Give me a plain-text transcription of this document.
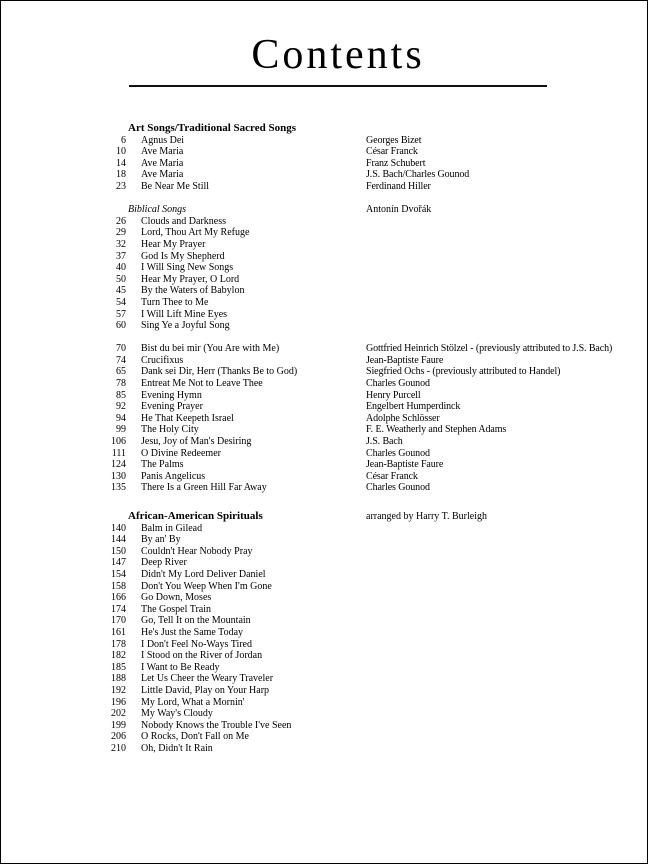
Contents
Art Songs/Traditional Sacred Songs
6 Agnus Dei	Georges Bizet
10 Ave Maria	César Franck
14 Ave Maria	Franz Schubert
18 Ave Maria	J.S. Bach/Charles Gounod
23 Be Near Me Still	Ferdinand Hiller
Biblical Songs	Antonín Dvořák
26 Clouds and Darkness
29 Lord, Thou Art My Refuge
32 Hear My Prayer
37 God Is My Shepherd
40 I Will Sing New Songs
50 Hear My Prayer, O Lord
45 By the Waters of Babylon
54 Turn Thee to Me
57 I Will Lift Mine Eyes
60 Sing Ye a Joyful Song
70 Bist du bei mir (You Are with Me)	Gottfried Heinrich Stölzel - (previously attributed to J.S. Bach)
74 Crucifixus	Jean-Baptiste Faure
65 Dank sei Dir, Herr (Thanks Be to God)	Siegfried Ochs - (previously attributed to Handel)
78 Entreat Me Not to Leave Thee	Charles Gounod
85 Evening Hymn	Henry Purcell
92 Evening Prayer	Engelbert Humperdinck
94 He That Keepeth Israel	Adolphe Schlösser
99 The Holy City	F. E. Weatherly and Stephen Adams
106 Jesu, Joy of Man's Desiring	J.S. Bach
111 O Divine Redeemer	Charles Gounod
124 The Palms	Jean-Baptiste Faure
130 Panis Angelicus	César Franck
135 There Is a Green Hill Far Away	Charles Gounod
African-American Spirituals	arranged by Harry T. Burleigh
140 Balm in Gilead
144 By an' By
150 Couldn't Hear Nobody Pray
147 Deep River
154 Didn't My Lord Deliver Daniel
158 Don't You Weep When I'm Gone
166 Go Down, Moses
174 The Gospel Train
170 Go, Tell It on the Mountain
161 He's Just the Same Today
178 I Don't Feel No-Ways Tired
182 I Stood on the River of Jordan
185 I Want to Be Ready
188 Let Us Cheer the Weary Traveler
192 Little David, Play on Your Harp
196 My Lord, What a Mornin'
202 My Way's Cloudy
199 Nobody Knows the Trouble I've Seen
206 O Rocks, Don't Fall on Me
210 Oh, Didn't It Rain
